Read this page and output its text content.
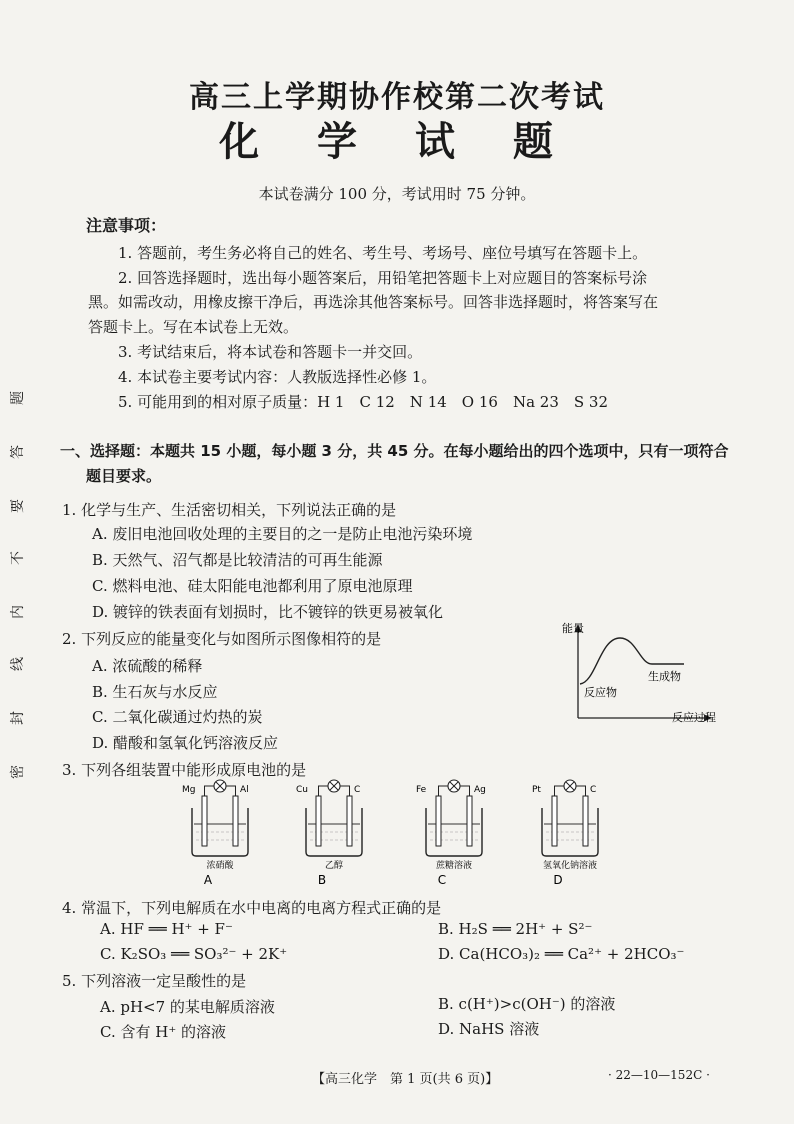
高三上学期协作校第二次考试
化 学 试 题
本试卷满分 100 分，考试用时 75 分钟。
注意事项：
1. 答题前，考生务必将自己的姓名、考生号、考场号、座位号填写在答题卡上。
2. 回答选择题时，选出每小题答案后，用铅笔把答题卡上对应题目的答案标号涂
黑。如需改动，用橡皮擦干净后，再选涂其他答案标号。回答非选择题时，将答案写在
答题卡上。写在本试卷上无效。
3. 考试结束后，将本试卷和答题卡一并交回。
4. 本试卷主要考试内容：人教版选择性必修 1。
5. 可能用到的相对原子质量：H 1　C 12　N 14　O 16　Na 23　S 32
密
封
线
内
不
要
答
题
一、选择题：本题共 15 小题，每小题 3 分，共 45 分。在每小题给出的四个选项中，只有一项符合
题目要求。
1. 化学与生产、生活密切相关，下列说法正确的是
A. 废旧电池回收处理的主要目的之一是防止电池污染环境
B. 天然气、沼气都是比较清洁的可再生能源
C. 燃料电池、硅太阳能电池都利用了原电池原理
D. 镀锌的铁表面有划损时，比不镀锌的铁更易被氧化
2. 下列反应的能量变化与如图所示图像相符的是
A. 浓硫酸的稀释
B. 生石灰与水反应
C. 二氧化碳通过灼热的炭
D. 醋酸和氢氧化钙溶液反应
能量
反应物
生成物
反应过程
3. 下列各组装置中能形成原电池的是
Mg	Al
浓硝酸
A
Cu	C
乙醇
B
Fe	Ag
蔗糖溶液
C
Pt	C
氢氧化钠溶液
D
4. 常温下，下列电解质在水中电离的电离方程式正确的是
A. HF ══ H⁺ + F⁻	B. H₂S ══ 2H⁺ + S²⁻
C. K₂SO₃ ══ SO₃²⁻ + 2K⁺	D. Ca(HCO₃)₂ ══ Ca²⁺ + 2HCO₃⁻
5. 下列溶液一定呈酸性的是
A. pH<7 的某电解质溶液	B. c(H⁺)>c(OH⁻) 的溶液
C. 含有 H⁺ 的溶液	D. NaHS 溶液
【高三化学　第 1 页(共 6 页)】	· 22—10—152C ·
